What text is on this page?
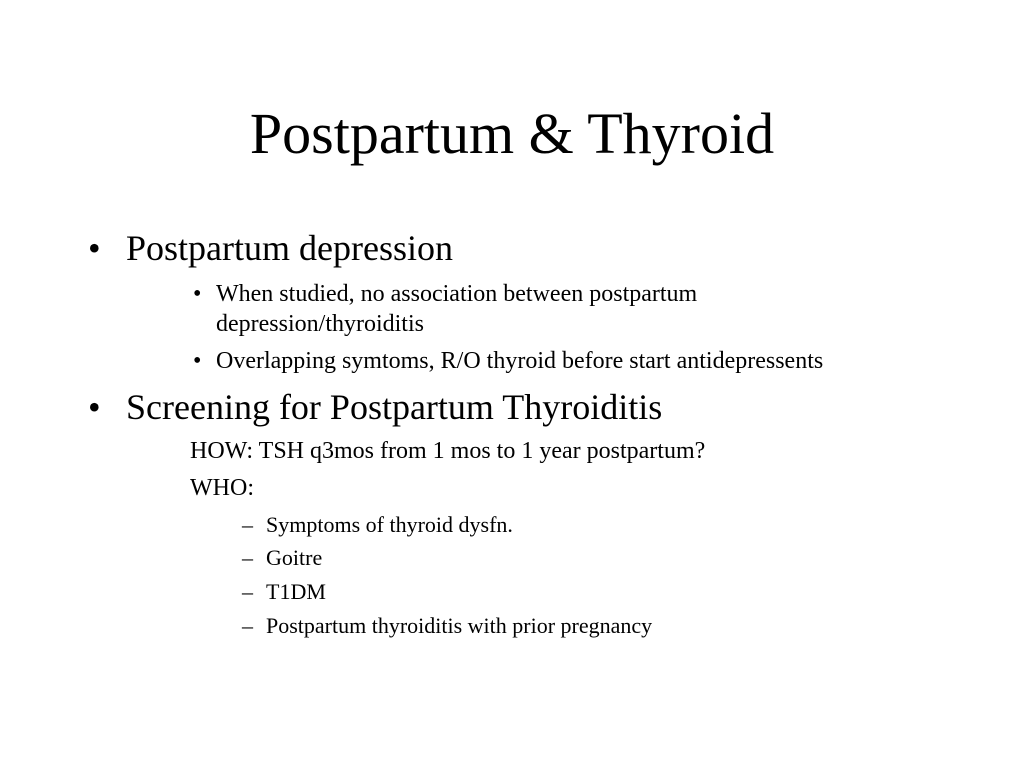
Postpartum & Thyroid
• Postpartum depression
• When studied, no association between postpartum
depression/thyroiditis
• Overlapping symtoms, R/O thyroid before start antidepressents
• Screening for Postpartum Thyroiditis
HOW: TSH q3mos from 1 mos to 1 year postpartum?
WHO:
– Symptoms of thyroid dysfn.
– Goitre
– T1DM
– Postpartum thyroiditis with prior pregnancy
